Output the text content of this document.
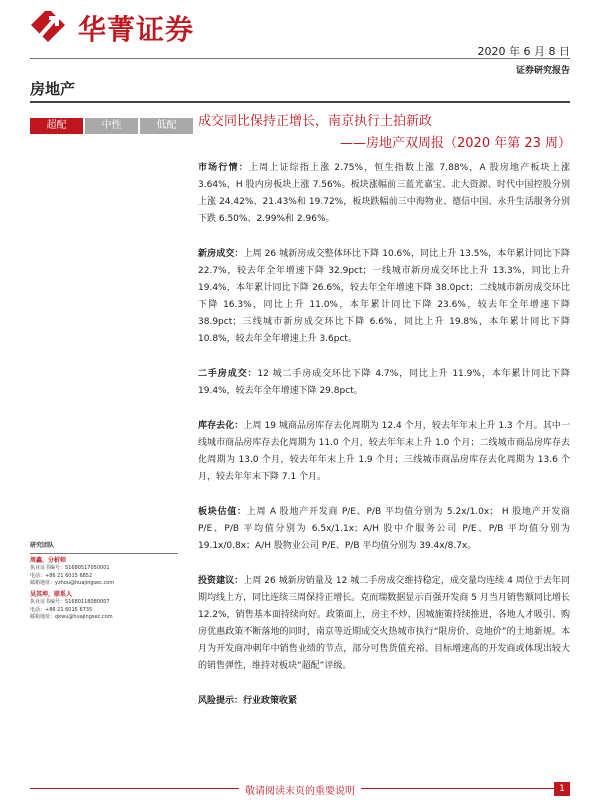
华菁证券
2020 年 6 月 8 日
证券研究报告
房地产
超配	中性	低配	成交同比保持正增长，南京执行土拍新政
——房地产双周报（2020 年第 23 周）

市场行情：上周上证综指上涨 2.75%，恒生指数上涨 7.88%，A 股房地产板块上涨 3.64%，H 股内房板块上涨 7.56%。板块涨幅前三蓝光嘉宝、北大资源、时代中国控股分别上涨 24.42%、21.43%和 19.72%，板块跌幅前三中海物业、德信中国、永升生活服务分别下跌 6.50%、2.99%和 2.96%。

新房成交：上周 26 城新房成交整体环比下降 10.6%，同比上升 13.5%，本年累计同比下降 22.7%，较去年全年增速下降 32.9pct；一线城市新房成交环比上升 13.3%，同比上升 19.4%，本年累计同比下降 26.6%，较去年全年增速下降 38.0pct；二线城市新房成交环比下降 16.3%，同比上升 11.0%，本年累计同比下降 23.6%，较去年全年增速下降 38.9pct；三线城市新房成交环比下降 6.6%，同比上升 19.8%，本年累计同比下降 10.8%，较去年全年增速上升 3.6pct。

二手房成交：12 城二手房成交环比下降 4.7%，同比上升 11.9%，本年累计同比下降 19.4%，较去年全年增速下降 29.8pct。

库存去化：上周 19 城商品房库存去化周期为 12.4 个月，较去年年末上升 1.3 个月。其中一线城市商品房库存去化周期为 11.0 个月，较去年年末上升 1.0 个月；二线城市商品房库存去化周期为 13.0 个月，较去年年末上升 1.9 个月；三线城市商品房库存去化周期为 13.6 个月，较去年年末下降 7.1 个月。

板块估值：上周 A 股地产开发商 P/E、P/B 平均值分别为 5.2x/1.0x； H 股地产开发商 P/E、P/B 平均值分别为 6.5x/1.1x；A/H 股中介服务公司 P/E、P/B 平均值分别为 19.1x/0.8x；A/H 股物业公司 P/E、P/B 平均值分别为 39.4x/8.7x。

投资建议：上周 26 城新房销量及 12 城二手房成交维持稳定，成交量均连续 4 周位于去年同期均线上方，同比连续三周保持正增长。克而瑞数据显示百强开发商 5 月当月销售额同比增长 12.2%，销售基本面持续向好。政策面上，房主不炒、因城施策持续推进，各地人才吸引、购房优惠政策不断落地的同时，南京等近期成交火热城市执行“限房价、竞地价”的土地新规。本月为开发商冲刺年中销售业绩的节点，部分可售货值充裕、目标增速高的开发商或体现出较大的销售弹性，维持对板块“超配”评级。

风险提示：行业政策收紧

研究团队
周鑫，分析师
执业证书编号：S1680517050001
电话：+86 21 6015 6852
邮箱地址：yzhou@huajingsec.com
吴其坤，联系人
执业证书编号：S1680118080007
电话：+86 21 6015 6735
邮箱地址：qkwu@huajingsec.com
敬请阅读末页的重要说明	1
